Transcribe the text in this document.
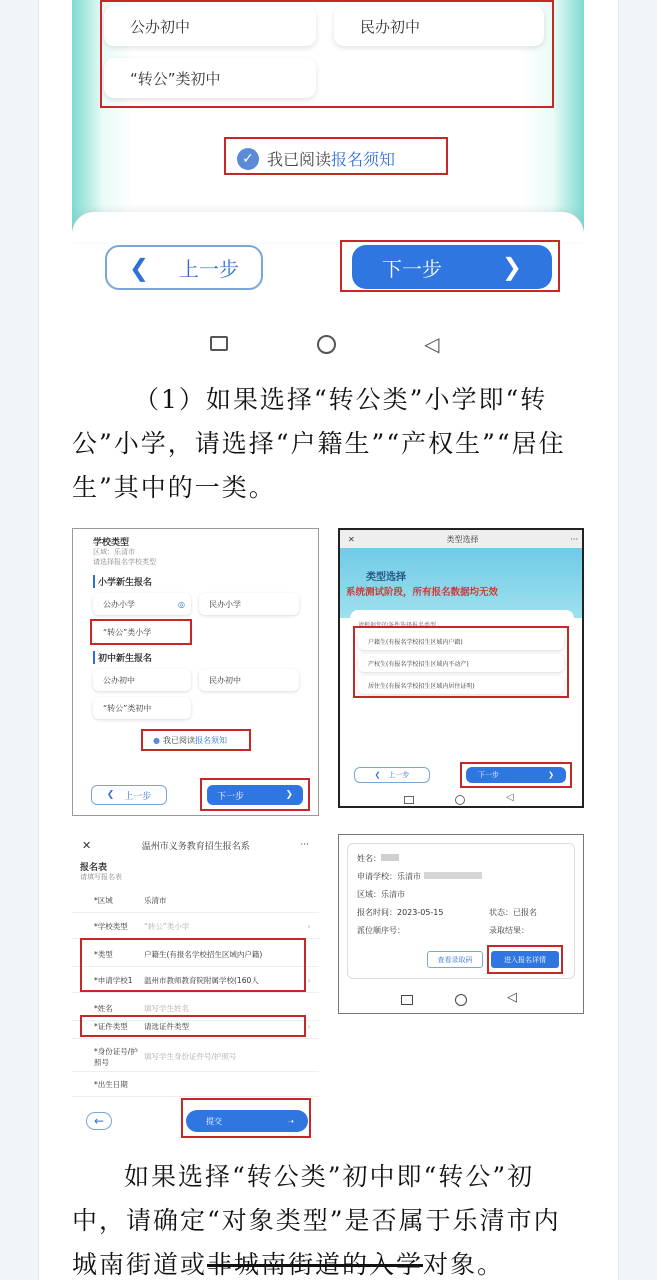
公办初中	民办初中
“转公”类初中
✓ 我已阅读 报名须知
❮ 上一步	下一步 ❯
◁
（1）如果选择“转公类”小学即“转公”小学，请选择“户籍生”“产权生”“居住生”其中的一类。
学校类型
区域：乐清市
请选择报名学校类型
小学新生报名
公办小学	◎	民办小学
“转公”类小学
初中新生报名
公办初中	民办初中
“转公”类初中
● 我已阅读 报名须知
❮ 上一步	下一步	❯
✕	类型选择	···
类型选择
系统测试阶段，所有报名数据均无效
请根据您的条件选择报名类型
户籍生(有报名学校招生区域内户籍)
产权生(有报名学校招生区域内不动产)
居住生(有报名学校招生区域内居住证明)
❮ 上一步	下一步	❯
◁
✕	温州市义务教育招生报名系	···
报名表
请填写报名表
*区域	乐清市
*学校类型	“转公”类小学	›
*类型	户籍生(有报名学校招生区域内户籍)
*申请学校1	温州市教师教育院附属学校(160人	›
*姓名	填写学生姓名
*证件类型	请选证件类型	›
*身份证号/护照号
填写学生身份证件号/护照号
*出生日期
←	提交	➝
姓名：
申请学校：乐清市
区域：乐清市
报名时间：2023-05-15	状态：已报名
派位顺序号：	录取结果：
查看录取码	进入报名详情
◁
如果选择“转公类”初中即“转公”初中，请确定“对象类型”是否属于乐清市内城南街道或非城南街道的入学对象。
